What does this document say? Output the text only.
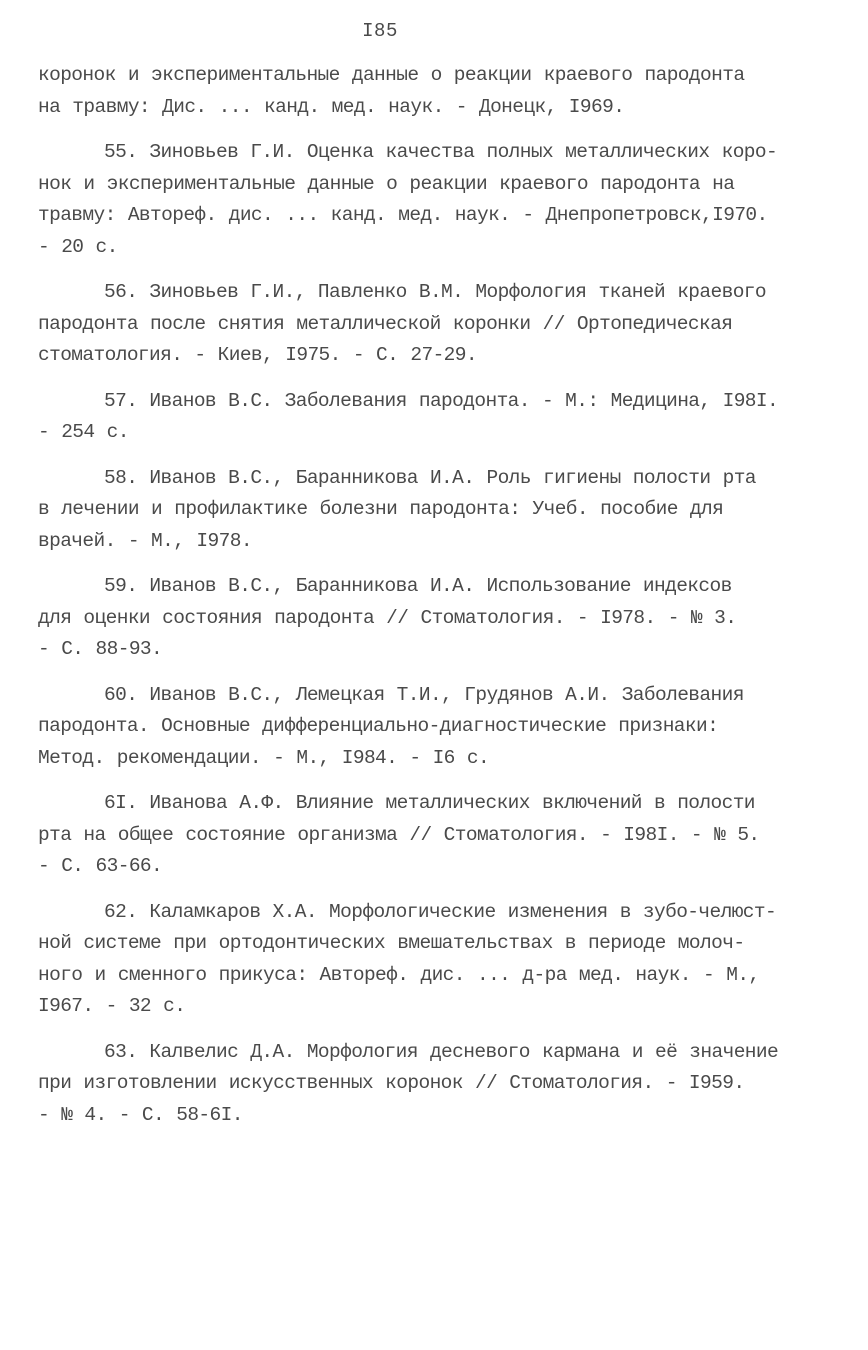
I85
коронок и экспериментальные данные о реакции краевого пародонта
на травму: Дис. ... канд. мед. наук. - Донецк, I969.
55. Зиновьев Г.И. Оценка качества полных металлических коро-
нок и экспериментальные данные о реакции краевого пародонта на
травму: Автореф. дис. ... канд. мед. наук. - Днепропетровск,I970.
- 20 с.
56. Зиновьев Г.И., Павленко В.М. Морфология тканей краевого
пародонта после снятия металлической коронки // Ортопедическая
стоматология. - Киев, I975. - С. 27-29.
57. Иванов В.С. Заболевания пародонта. - М.: Медицина, I98I.
- 254 с.
58. Иванов В.С., Баранникова И.А. Роль гигиены полости рта
в лечении и профилактике болезни пародонта: Учеб. пособие для
врачей. - М., I978.
59. Иванов В.С., Баранникова И.А. Использование индексов
для оценки состояния пародонта // Стоматология. - I978. - № 3.
- С. 88-93.
60. Иванов В.С., Лемецкая Т.И., Грудянов А.И. Заболевания
пародонта. Основные дифференциально-диагностические признаки:
Метод. рекомендации. - М., I984. - I6 с.
6I. Иванова А.Ф. Влияние металлических включений в полости
рта на общее состояние организма // Стоматология. - I98I. - № 5.
- С. 63-66.
62. Каламкаров Х.А. Морфологические изменения в зубо-челюст-
ной системе при ортодонтических вмешательствах в периоде молоч-
ного и сменного прикуса: Автореф. дис. ... д-ра мед. наук. - М.,
I967. - 32 с.
63. Калвелис Д.А. Морфология десневого кармана и её значение
при изготовлении искусственных коронок // Стоматология. - I959.
- № 4. - С. 58-6I.
